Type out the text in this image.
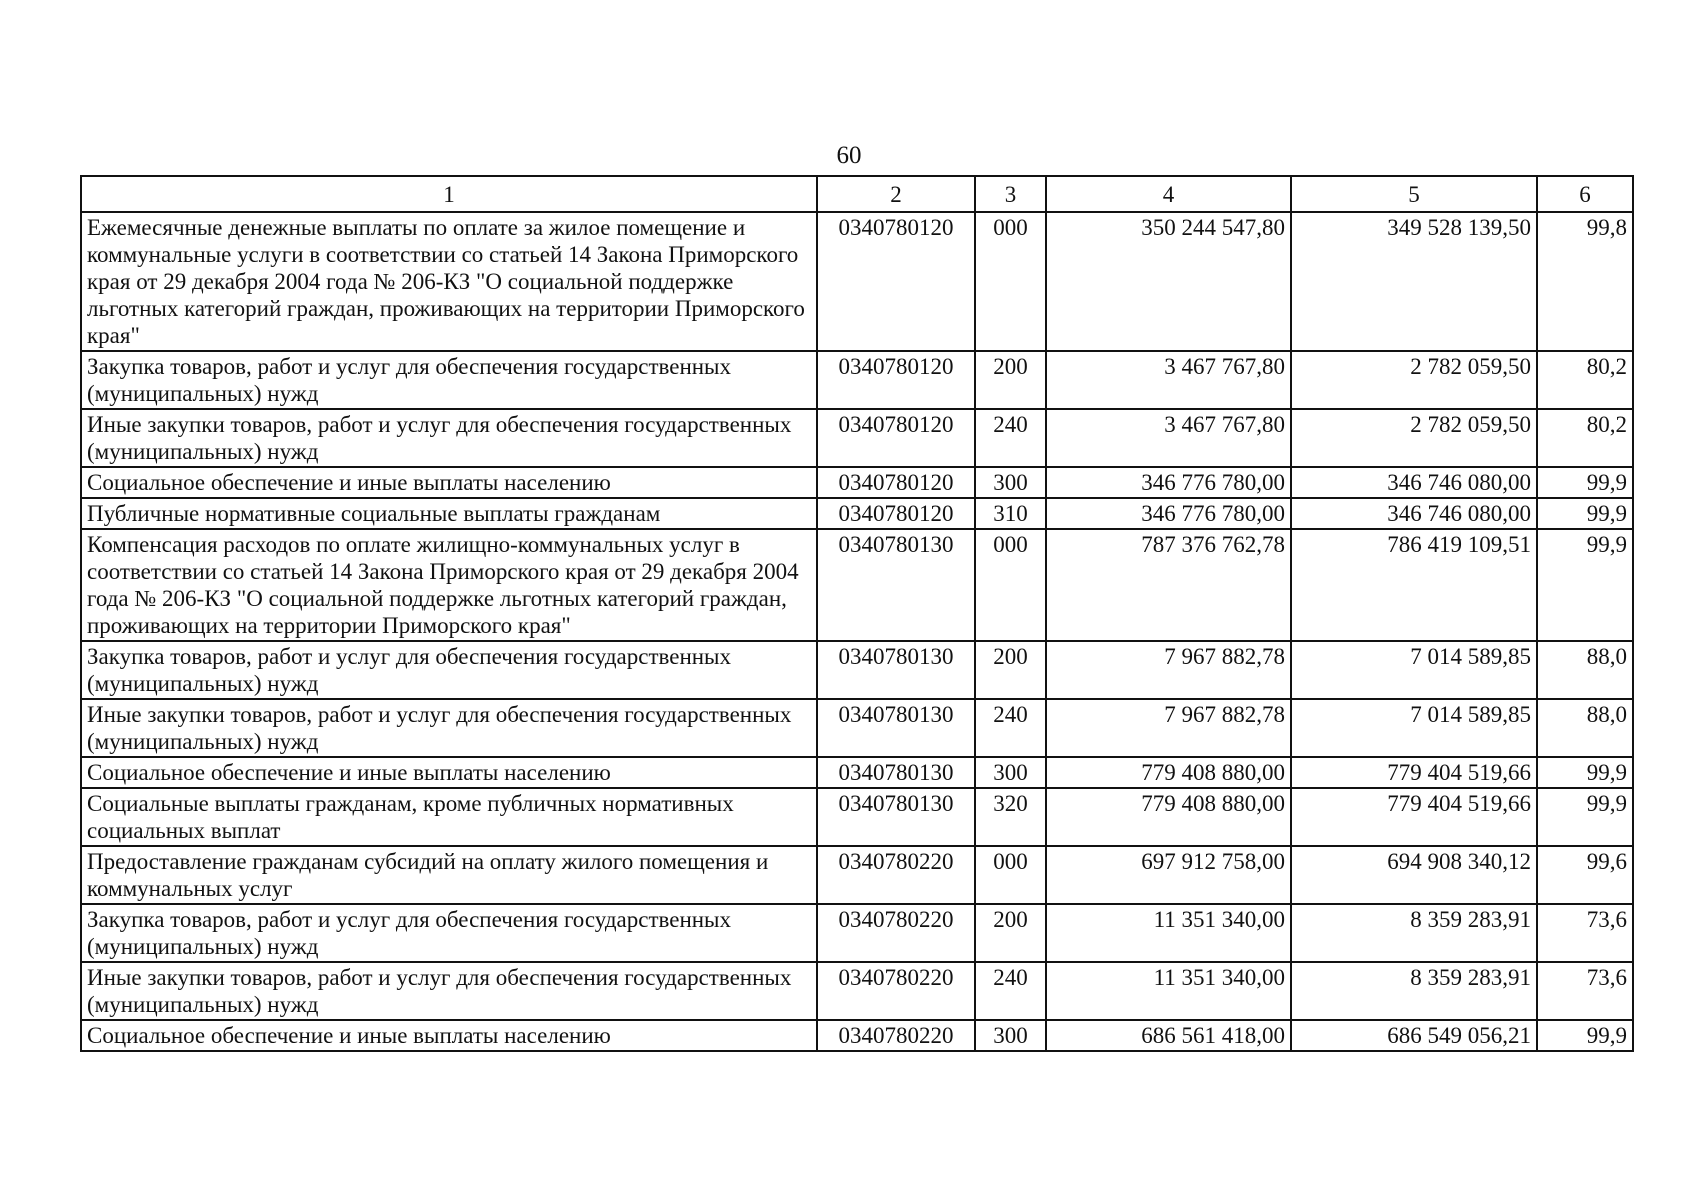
60
1	2	3	4	5	6
Ежемесячные денежные выплаты по оплате за жилое помещение и коммунальные услуги в соответствии со статьей 14 Закона Приморского края от 29 декабря 2004 года № 206-КЗ "О социальной поддержке льготных категорий граждан, проживающих на территории Приморского края"	0340780120	000	350 244 547,80	349 528 139,50	99,8
Закупка товаров, работ и услуг для обеспечения государственных (муниципальных) нужд	0340780120	200	3 467 767,80	2 782 059,50	80,2
Иные закупки товаров, работ и услуг для обеспечения государственных (муниципальных) нужд	0340780120	240	3 467 767,80	2 782 059,50	80,2
Социальное обеспечение и иные выплаты населению	0340780120	300	346 776 780,00	346 746 080,00	99,9
Публичные нормативные социальные выплаты гражданам	0340780120	310	346 776 780,00	346 746 080,00	99,9
Компенсация расходов по оплате жилищно-коммунальных услуг в соответствии со статьей 14 Закона Приморского края от 29 декабря 2004 года № 206-КЗ "О социальной поддержке льготных категорий граждан, проживающих на территории Приморского края"	0340780130	000	787 376 762,78	786 419 109,51	99,9
Закупка товаров, работ и услуг для обеспечения государственных (муниципальных) нужд	0340780130	200	7 967 882,78	7 014 589,85	88,0
Иные закупки товаров, работ и услуг для обеспечения государственных (муниципальных) нужд	0340780130	240	7 967 882,78	7 014 589,85	88,0
Социальное обеспечение и иные выплаты населению	0340780130	300	779 408 880,00	779 404 519,66	99,9
Социальные выплаты гражданам, кроме публичных нормативных социальных выплат	0340780130	320	779 408 880,00	779 404 519,66	99,9
Предоставление гражданам субсидий на оплату жилого помещения и коммунальных услуг	0340780220	000	697 912 758,00	694 908 340,12	99,6
Закупка товаров, работ и услуг для обеспечения государственных (муниципальных) нужд	0340780220	200	11 351 340,00	8 359 283,91	73,6
Иные закупки товаров, работ и услуг для обеспечения государственных (муниципальных) нужд	0340780220	240	11 351 340,00	8 359 283,91	73,6
Социальное обеспечение и иные выплаты населению	0340780220	300	686 561 418,00	686 549 056,21	99,9
